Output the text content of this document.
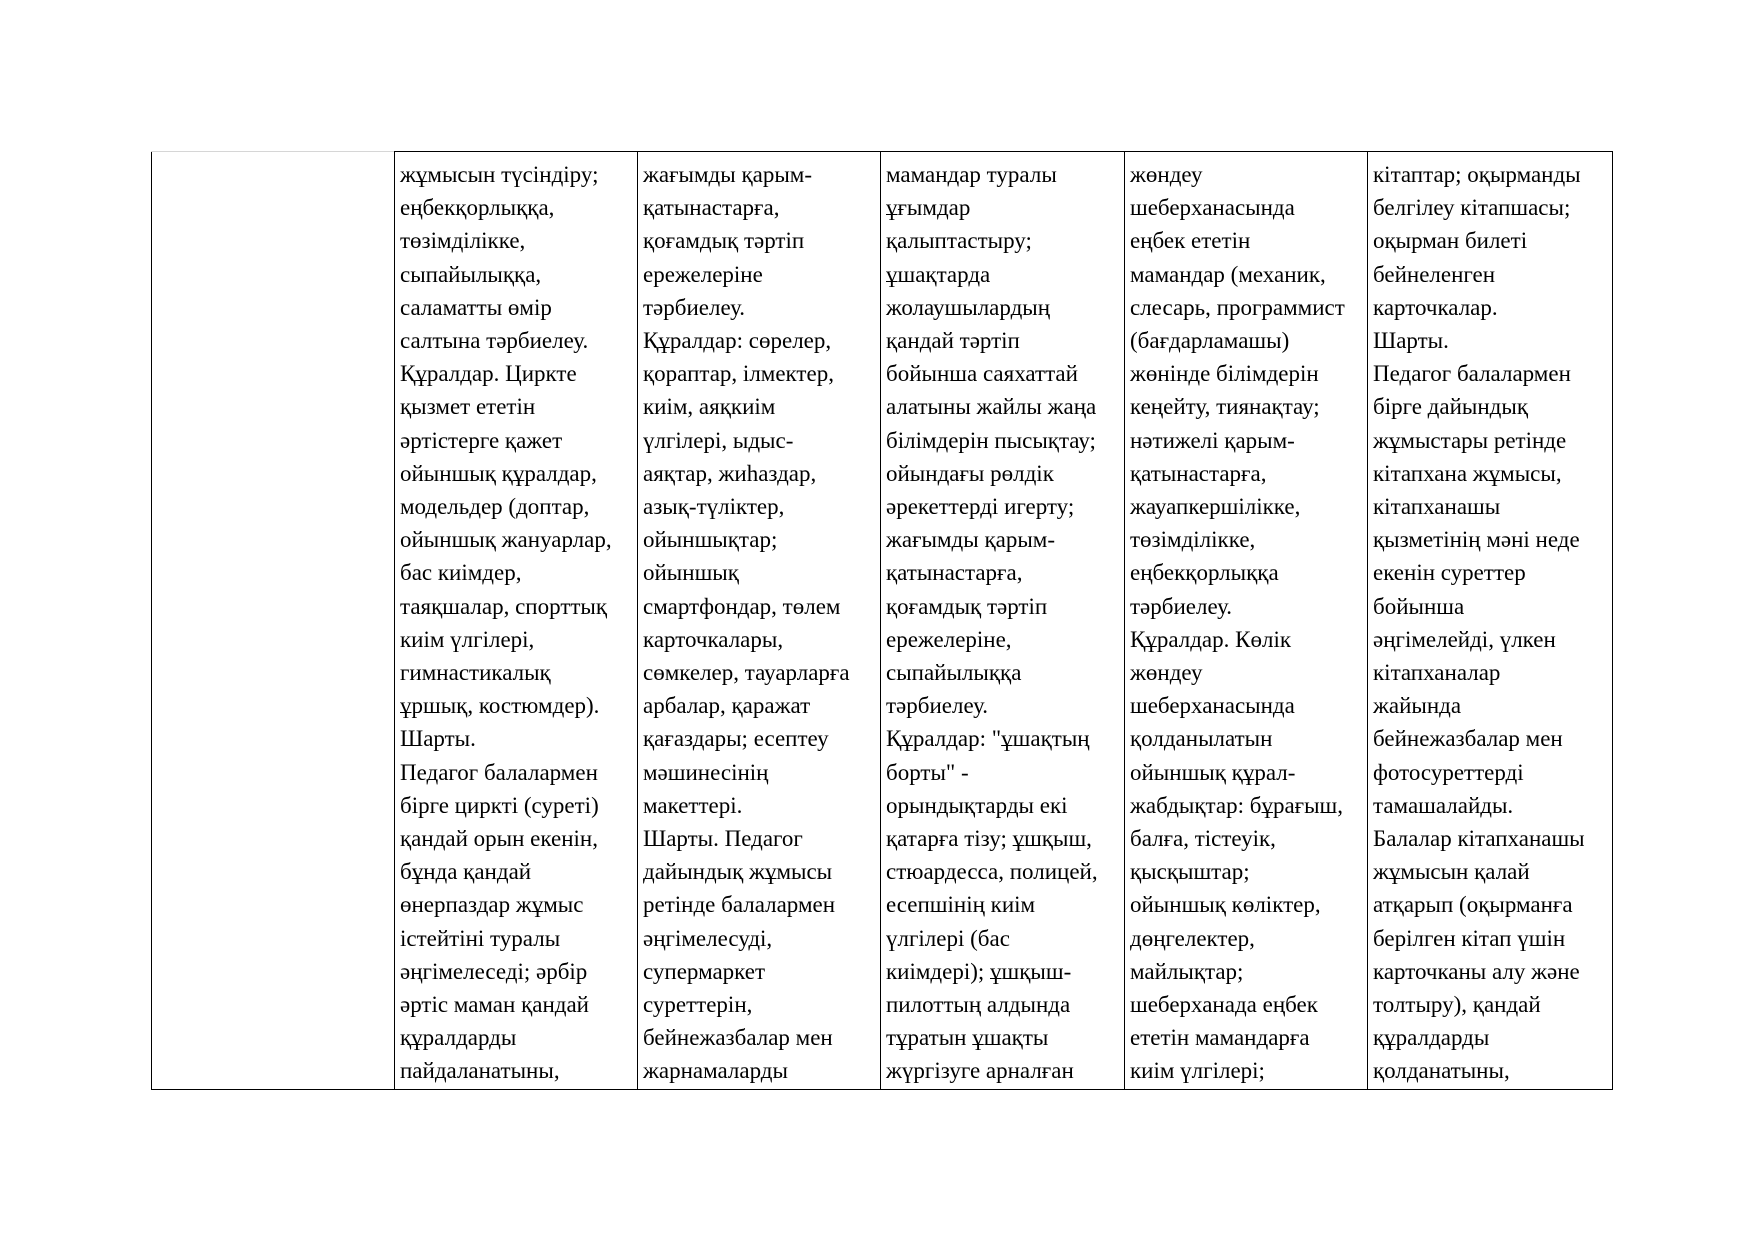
	жұмысын түсіндіру;
еңбекқорлыққа,
төзімділікке,
сыпайылыққа,
саламатты өмір
салтына тәрбиелеу.
Құралдар. Циркте
қызмет ететін
әртістерге қажет
ойыншық құралдар,
модельдер (доптар,
ойыншық жануарлар,
бас киімдер,
таяқшалар, спорттық
киім үлгілері,
гимнастикалық
ұршық, костюмдер).
Шарты.
Педагог балалармен
бірге циркті (суреті)
қандай орын екенін,
бұнда қандай
өнерпаздар жұмыс
істейтіні туралы
әңгімелеседі; әрбір
әртіс маман қандай
құралдарды
пайдаланатыны,	жағымды қарым-
қатынастарға,
қоғамдық тәртіп
ережелеріне
тәрбиелеу.
Құралдар: сөрелер,
қораптар, ілмектер,
киім, аяқкиім
үлгілері, ыдыс-
аяқтар, жиһаздар,
азық-түліктер,
ойыншықтар;
ойыншық
смартфондар, төлем
карточкалары,
сөмкелер, тауарларға
арбалар, қаражат
қағаздары; есептеу
мәшинесінің
макеттері.
Шарты. Педагог
дайындық жұмысы
ретінде балалармен
әңгімелесуді,
супермаркет
суреттерін,
бейнежазбалар мен
жарнамаларды	мамандар туралы
ұғымдар
қалыптастыру;
ұшақтарда
жолаушылардың
қандай тәртіп
бойынша саяхаттай
алатыны жайлы жаңа
білімдерін пысықтау;
ойындағы рөлдік
әрекеттерді игерту;
жағымды қарым-
қатынастарға,
қоғамдық тәртіп
ережелеріне,
сыпайылыққа
тәрбиелеу.
Құралдар: "ұшақтың
борты" -
орындықтарды екі
қатарға тізу; ұшқыш,
стюардесса, полицей,
есепшінің киім
үлгілері (бас
киімдері); ұшқыш-
пилоттың алдында
тұратын ұшақты
жүргізуге арналған	жөндеу
шеберханасында
еңбек ететін
мамандар (механик,
слесарь, программист
(бағдарламашы)
жөнінде білімдерін
кеңейту, тиянақтау;
нәтижелі қарым-
қатынастарға,
жауапкершілікке,
төзімділікке,
еңбекқорлыққа
тәрбиелеу.
Құралдар. Көлік
жөндеу
шеберханасында
қолданылатын
ойыншық құрал-
жабдықтар: бұрағыш,
балға, тістеуік,
қысқыштар;
ойыншық көліктер,
дөңгелектер,
майлықтар;
шеберханада еңбек
ететін мамандарға
киім үлгілері;	кітаптар; оқырманды
белгілеу кітапшасы;
оқырман билеті
бейнеленген
карточкалар.
Шарты.
Педагог балалармен
бірге дайындық
жұмыстары ретінде
кітапхана жұмысы,
кітапханашы
қызметінің мәні неде
екенін суреттер
бойынша
әңгімелейді, үлкен
кітапханалар
жайында
бейнежазбалар мен
фотосуреттерді
тамашалайды.
Балалар кітапханашы
жұмысын қалай
атқарып (оқырманға
берілген кітап үшін
карточканы алу және
толтыру), қандай
құралдарды
қолданатыны,
